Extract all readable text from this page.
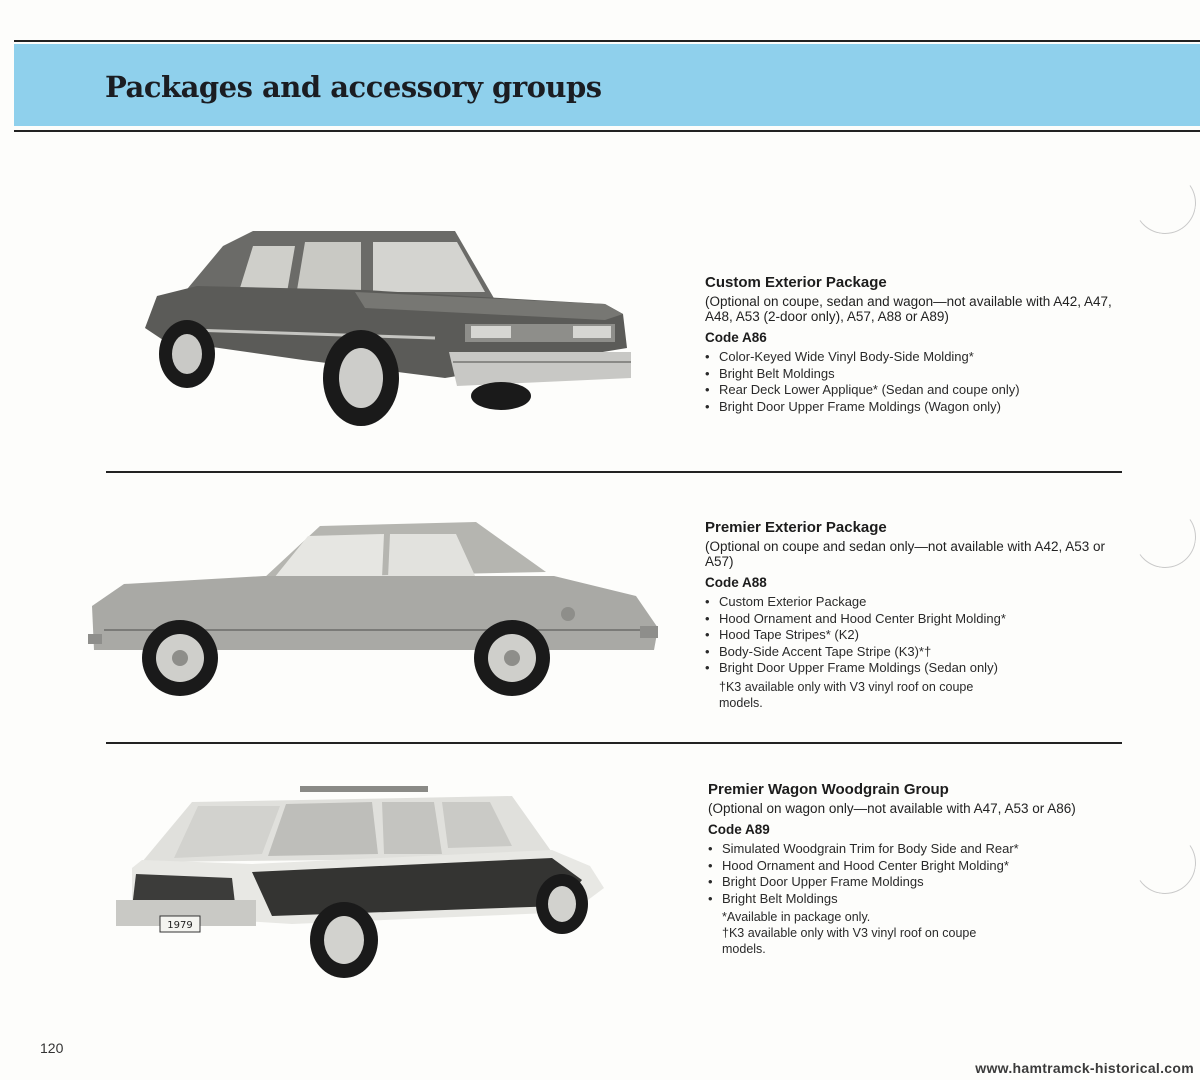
Packages and accessory groups
Custom Exterior Package
(Optional on coupe, sedan and wagon—not available with A42, A47, A48, A53 (2-door only), A57, A88 or A89)
Code A86
• Color-Keyed Wide Vinyl Body-Side Molding*
• Bright Belt Moldings
• Rear Deck Lower Applique* (Sedan and coupe only)
• Bright Door Upper Frame Moldings (Wagon only)
Premier Exterior Package
(Optional on coupe and sedan only—not available with A42, A53 or A57)
Code A88
• Custom Exterior Package
• Hood Ornament and Hood Center Bright Molding*
• Hood Tape Stripes* (K2)
• Body-Side Accent Tape Stripe (K3)*†
• Bright Door Upper Frame Moldings (Sedan only)
†K3 available only with V3 vinyl roof on coupe models.
1979
Premier Wagon Woodgrain Group
(Optional on wagon only—not available with A47, A53 or A86)
Code A89
• Simulated Woodgrain Trim for Body Side and Rear*
• Hood Ornament and Hood Center Bright Molding*
• Bright Door Upper Frame Moldings
• Bright Belt Moldings
*Available in package only.
†K3 available only with V3 vinyl roof on coupe models.

120

www.hamtramck-historical.com
